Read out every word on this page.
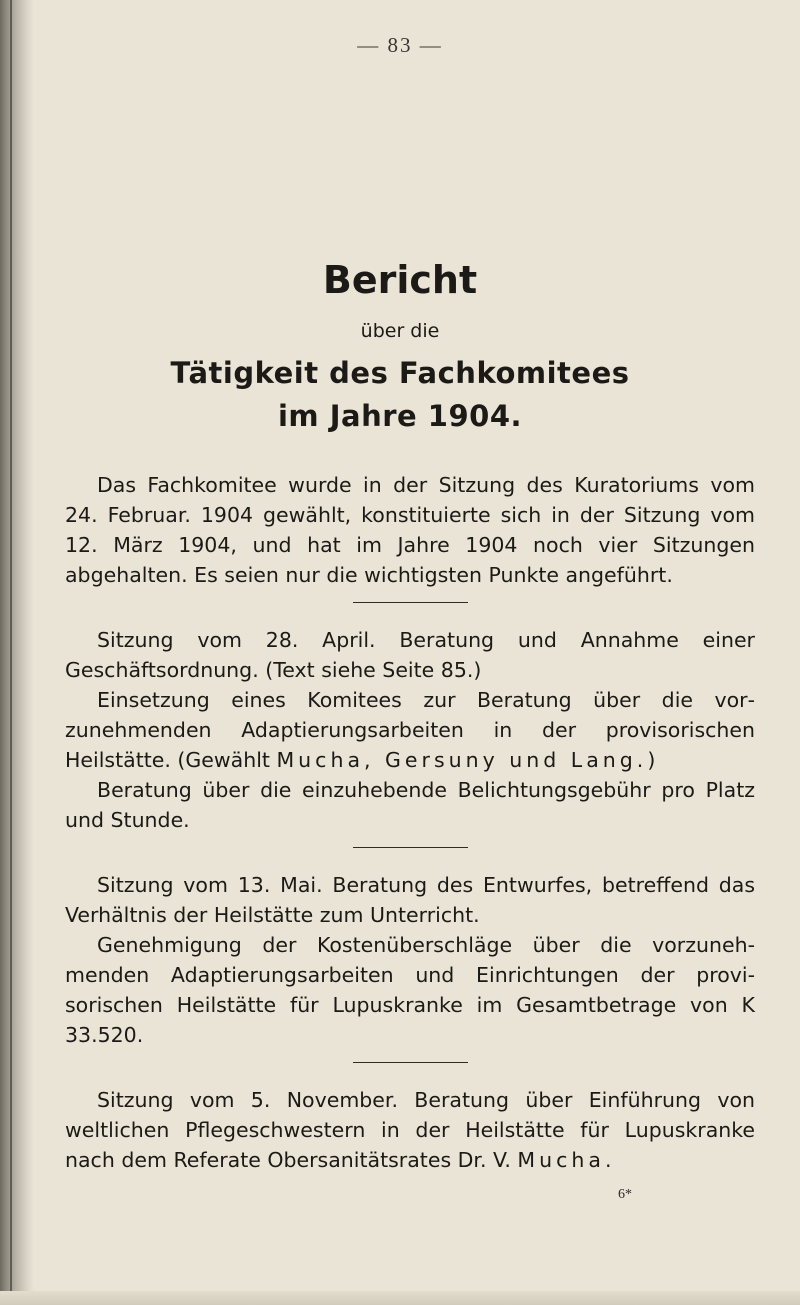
— 83 —
Bericht
über die
Tätigkeit des Fachkomitees
im Jahre 1904.

Das Fachkomitee wurde in der Sitzung des Kuratoriums vom 24. Februar. 1904 gewählt, konstituierte sich in der Sitzung vom 12. März 1904, und hat im Jahre 1904 noch vier Sitzungen abgehalten. Es seien nur die wichtigsten Punkte angeführt.

Sitzung vom 28. April. Beratung und Annahme einer Geschäftsordnung. (Text siehe Seite 85.)

Einsetzung eines Komitees zur Beratung über die vorzunehmenden Adaptierungsarbeiten in der provisorischen Heilstätte. (Gewählt Mucha, Gersuny und Lang.)

Beratung über die einzuhebende Belichtungsgebühr pro Platz und Stunde.

Sitzung vom 13. Mai. Beratung des Entwurfes, betreffend das Verhältnis der Heilstätte zum Unterricht.

Genehmigung der Kostenüberschläge über die vorzunehmenden Adaptierungsarbeiten und Einrichtungen der provisorischen Heilstätte für Lupuskranke im Gesamtbetrage von K 33.520.

Sitzung vom 5. November. Beratung über Einführung von weltlichen Pflegeschwestern in der Heilstätte für Lupuskranke nach dem Referate Obersanitätsrates Dr. V. Mucha.

6*
